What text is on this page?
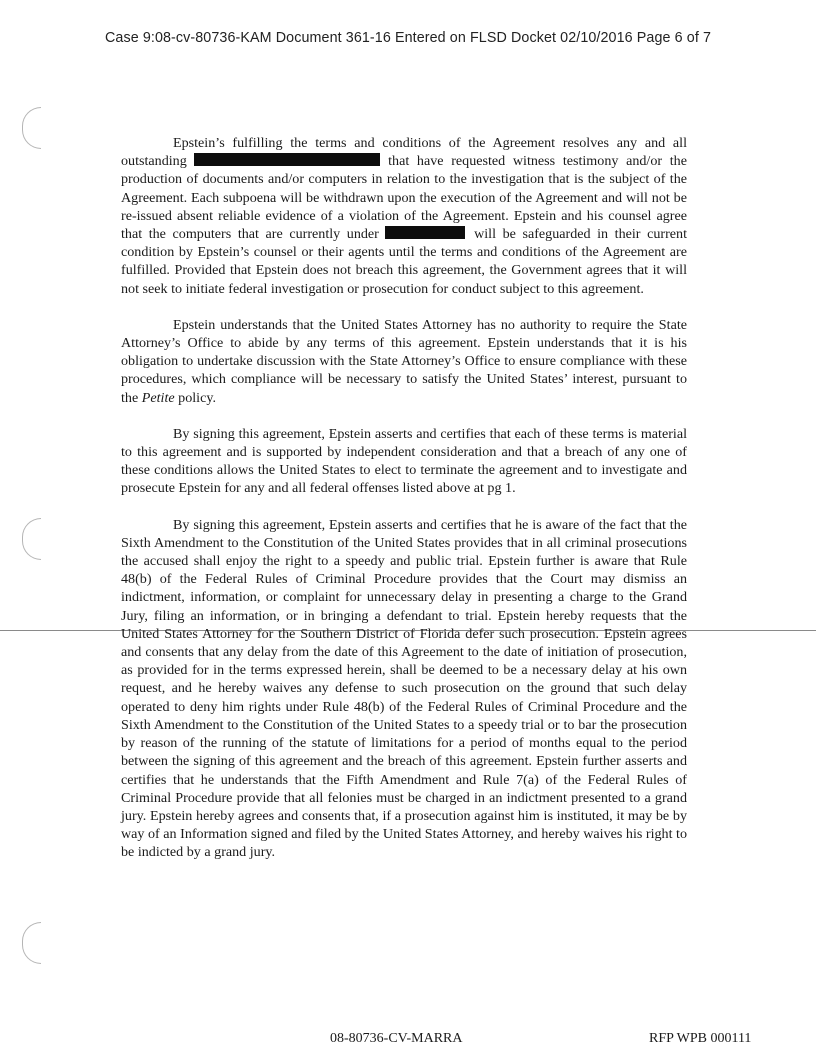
Case 9:08-cv-80736-KAM Document 361-16 Entered on FLSD Docket 02/10/2016 Page 6 of 7

Epstein’s fulfilling the terms and conditions of the Agreement resolves any and all outstanding	that have requested witness testimony and/or the production of documents and/or computers in relation to the investigation that is the subject of the Agreement. Each subpoena will be withdrawn upon the execution of the Agreement and will not be re-issued absent reliable evidence of a violation of the Agreement. Epstein and his counsel agree that the computers that are currently under	will be safeguarded in their current condition by Epstein’s counsel or their agents until the terms and conditions of the Agreement are fulfilled. Provided that Epstein does not breach this agreement, the Government agrees that it will not seek to initiate federal investigation or prosecution for conduct subject to this agreement.

Epstein understands that the United States Attorney has no authority to require the State Attorney’s Office to abide by any terms of this agreement. Epstein understands that it is his obligation to undertake discussion with the State Attorney’s Office to ensure compliance with these procedures, which compliance will be necessary to satisfy the United States’ interest, pursuant to the Petite policy.

By signing this agreement, Epstein asserts and certifies that each of these terms is material to this agreement and is supported by independent consideration and that a breach of any one of these conditions allows the United States to elect to terminate the agreement and to investigate and prosecute Epstein for any and all federal offenses listed above at pg 1.

By signing this agreement, Epstein asserts and certifies that he is aware of the fact that the Sixth Amendment to the Constitution of the United States provides that in all criminal prosecutions the accused shall enjoy the right to a speedy and public trial. Epstein further is aware that Rule 48(b) of the Federal Rules of Criminal Procedure provides that the Court may dismiss an indictment, information, or complaint for unnecessary delay in presenting a charge to the Grand Jury, filing an information, or in bringing a defendant to trial. Epstein hereby requests that the United States Attorney for the Southern District of Florida defer such prosecution. Epstein agrees and consents that any delay from the date of this Agreement to the date of initiation of prosecution, as provided for in the terms expressed herein, shall be deemed to be a necessary delay at his own request, and he hereby waives any defense to such prosecution on the ground that such delay operated to deny him rights under Rule 48(b) of the Federal Rules of Criminal Procedure and the Sixth Amendment to the Constitution of the United States to a speedy trial or to bar the prosecution by reason of the running of the statute of limitations for a period of months equal to the period between the signing of this agreement and the breach of this agreement. Epstein further asserts and certifies that he understands that the Fifth Amendment and Rule 7(a) of the Federal Rules of Criminal Procedure provide that all felonies must be charged in an indictment presented to a grand jury. Epstein hereby agrees and consents that, if a prosecution against him is instituted, it may be by way of an Information signed and filed by the United States Attorney, and hereby waives his right to be indicted by a grand jury.

08-80736-CV-MARRA	RFP WPB 000111
